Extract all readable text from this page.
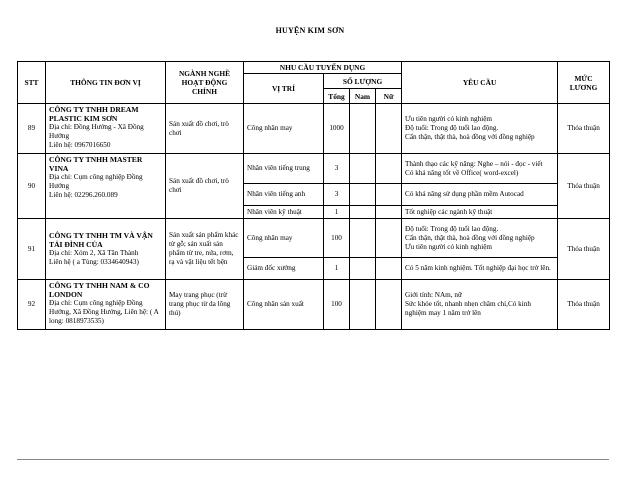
HUYỆN KIM SƠN
STT	THÔNG TIN ĐƠN VỊ	NGÀNH NGHỀ HOẠT ĐỘNG CHÍNH	NHU CẦU TUYỂN DỤNG				YÊU CẦU	MỨC LƯƠNG
			VỊ TRÍ	SỐ LƯỢNG				
				Tổng	Nam	Nữ		
89	CÔNG TY TNHH DREAM PLASTIC KIM SƠN
Địa chỉ: Đồng Hướng - Xã Đồng Hướng
Liên hệ: 0967016650	Sản xuất đồ chơi, trò chơi	Công nhân may	1000			Ưu tiên người có kinh nghiệm
Độ tuổi: Trong độ tuổi lao động.
Cẩn thận, thật thà, hoà đồng với đồng nghiệp	Thỏa thuận
90	CÔNG TY TNHH MASTER VINA
Địa chỉ: Cụm công nghiệp Đồng Hướng
Liên hệ: 02296.260.089	Sản xuất đồ chơi, trò chơi	Nhân viên tiếng trung	3			Thành thạo các kỹ năng: Nghe – nói - đọc - viết
Có khả năng tốt về Office( word-excel)	Thỏa thuận
			Nhân viên tiếng anh	3			Có khả năng sử dụng phần mềm Autocad	
			Nhân viên kỹ thuật	1			Tốt nghiệp các ngành kỹ thuật	
91	CÔNG TY TNHH TM VÀ VẬN TẢI ĐÌNH CỦA
Địa chỉ: Xóm 2, Xã Tân Thành
Liên hệ ( a Tùng: 0334640943)	Sản xuất sản phẩm khác từ gỗ; sản xuất sản phẩm từ tre, nứa, rơm, rạ và vật liệu tết bện	Công nhân may	100			Độ tuổi: Trong độ tuổi lao động.
Cẩn thận, thật thà, hoà đồng với đồng nghiệp
Ưu tiên người có kinh nghiệm	Thỏa thuận
			Giám đốc xưởng	1			Có 5 năm kinh nghiệm. Tốt nghiệp đại học trở lên.	
92	CÔNG TY TNHH NAM & CO LONDON
Địa chỉ: Cụm công nghiệp Đồng Hướng, Xã Đồng Hướng, Liên hệ: ( A long: 0818973535)	May trang phục (trừ trang phục từ da lông thú)	Công nhân sản xuất	100			Giới tính: NAm, nữ
Sức khỏe tốt, nhanh nhẹn chăm chỉ,Có kinh nghiệm may 1 năm trở lên	Thỏa thuận
